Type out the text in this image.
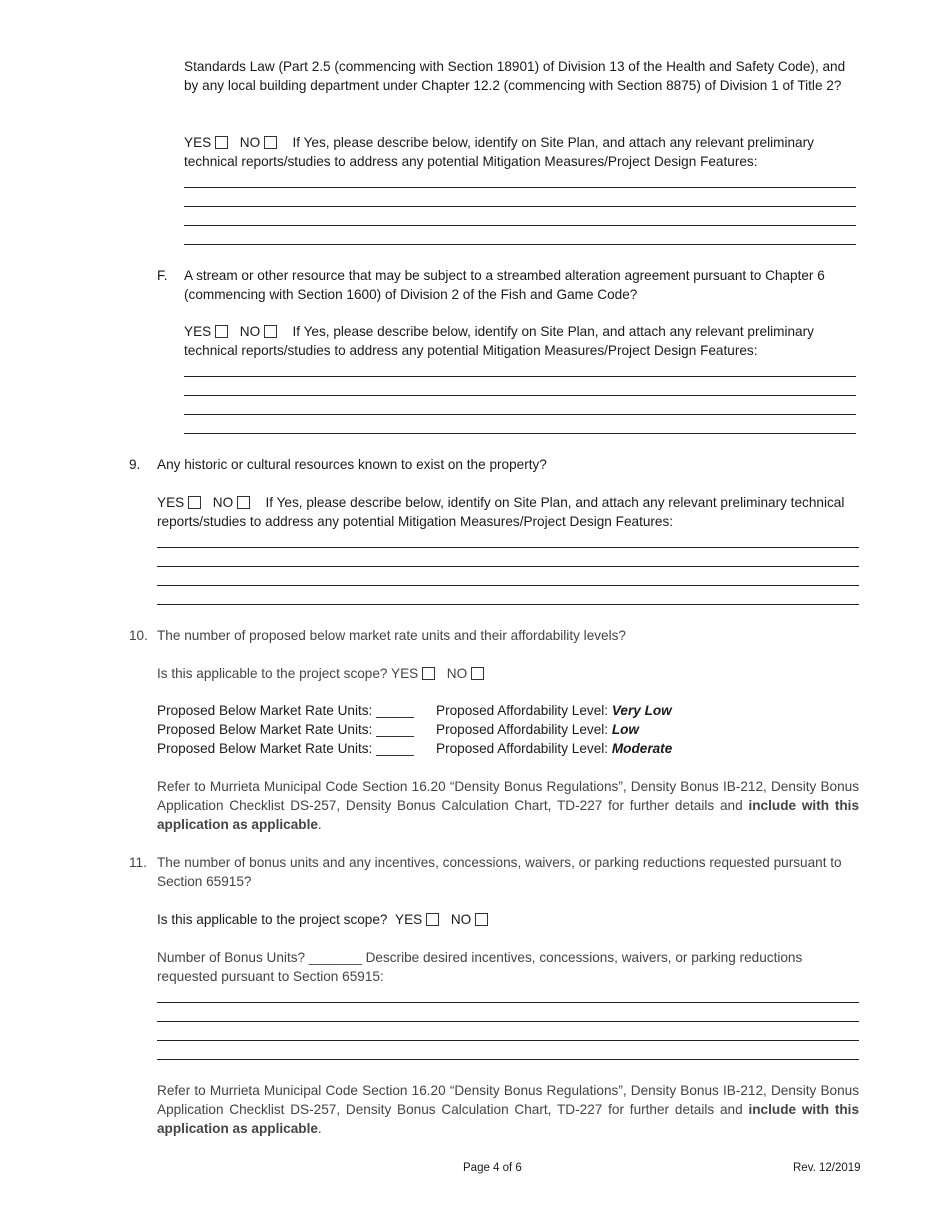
Standards Law (Part 2.5 (commencing with Section 18901) of Division 13 of the Health and Safety Code), and by any local building department under Chapter 12.2 (commencing with Section 8875) of Division 1 of Title 2?
YES NO If Yes, please describe below, identify on Site Plan, and attach any relevant preliminary technical reports/studies to address any potential Mitigation Measures/Project Design Features:
F. A stream or other resource that may be subject to a streambed alteration agreement pursuant to Chapter 6 (commencing with Section 1600) of Division 2 of the Fish and Game Code?
YES NO If Yes, please describe below, identify on Site Plan, and attach any relevant preliminary technical reports/studies to address any potential Mitigation Measures/Project Design Features:
9. Any historic or cultural resources known to exist on the property?
YES NO If Yes, please describe below, identify on Site Plan, and attach any relevant preliminary technical reports/studies to address any potential Mitigation Measures/Project Design Features:
10. The number of proposed below market rate units and their affordability levels?
Is this applicable to the project scope? YES NO
Proposed Below Market Rate Units: _____ Proposed Affordability Level: Very Low
Proposed Below Market Rate Units: _____ Proposed Affordability Level: Low
Proposed Below Market Rate Units: _____ Proposed Affordability Level: Moderate
Refer to Murrieta Municipal Code Section 16.20 “Density Bonus Regulations”, Density Bonus IB-212, Density Bonus Application Checklist DS-257, Density Bonus Calculation Chart, TD-227 for further details and include with this application as applicable.
11. The number of bonus units and any incentives, concessions, waivers, or parking reductions requested pursuant to Section 65915?
Is this applicable to the project scope? YES NO
Number of Bonus Units? _______ Describe desired incentives, concessions, waivers, or parking reductions requested pursuant to Section 65915:
Refer to Murrieta Municipal Code Section 16.20 “Density Bonus Regulations”, Density Bonus IB-212, Density Bonus Application Checklist DS-257, Density Bonus Calculation Chart, TD-227 for further details and include with this application as applicable.
Page 4 of 6	Rev. 12/2019
